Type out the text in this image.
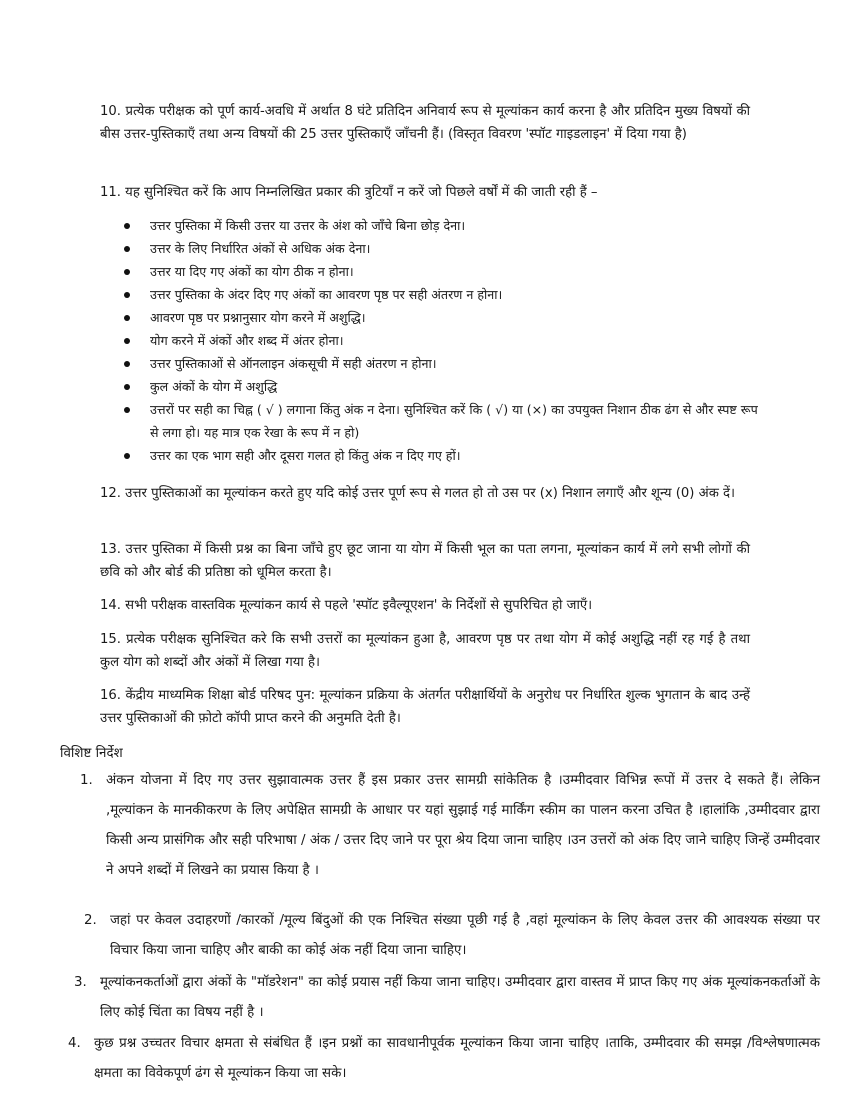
10. प्रत्येक परीक्षक को पूर्ण कार्य-अवधि में अर्थात 8 घंटे प्रतिदिन अनिवार्य रूप से मूल्यांकन कार्य करना है और प्रतिदिन मुख्य विषयों की बीस उत्तर-पुस्तिकाएँ तथा अन्य विषयों की 25 उत्तर पुस्तिकाएँ जाँचनी हैं। (विस्तृत विवरण 'स्पॉट गाइडलाइन' में दिया गया है)

11. यह सुनिश्चित करें कि आप निम्नलिखित प्रकार की त्रुटियाँ न करें जो पिछले वर्षों में की जाती रही हैं –

उत्तर पुस्तिका में किसी उत्तर या उत्तर के अंश को जाँचे बिना छोड़ देना।
उत्तर के लिए निर्धारित अंकों से अधिक अंक देना।
उत्तर या दिए गए अंकों का योग ठीक न होना।
उत्तर पुस्तिका के अंदर दिए गए अंकों का आवरण पृष्ठ पर सही अंतरण न होना।
आवरण पृष्ठ पर प्रश्नानुसार योग करने में अशुद्धि।
योग करने में अंकों और शब्द में अंतर होना।
उत्तर पुस्तिकाओं से ऑनलाइन अंकसूची में सही अंतरण न होना।
कुल अंकों के योग में अशुद्धि
उत्तरों पर सही का चिह्न ( √ ) लगाना किंतु अंक न देना। सुनिश्चित करें कि ( √) या (×) का उपयुक्त निशान ठीक ढंग से और स्पष्ट रूप से लगा हो। यह मात्र एक रेखा के रूप में न हो)
उत्तर का एक भाग सही और दूसरा गलत हो किंतु अंक न दिए गए हों।

12. उत्तर पुस्तिकाओं का मूल्यांकन करते हुए यदि कोई उत्तर पूर्ण रूप से गलत हो तो उस पर (x) निशान लगाएँ और शून्य (0) अंक दें।

13. उत्तर पुस्तिका में किसी प्रश्न का बिना जाँचे हुए छूट जाना या योग में किसी भूल का पता लगना, मूल्यांकन कार्य में लगे सभी लोगों की छवि को और बोर्ड की प्रतिष्ठा को धूमिल करता है।

14. सभी परीक्षक वास्तविक मूल्यांकन कार्य से पहले 'स्पॉट इवैल्यूएशन' के निर्देशों से सुपरिचित हो जाएँ।

15. प्रत्येक परीक्षक सुनिश्चित करे कि सभी उत्तरों का मूल्यांकन हुआ है, आवरण पृष्ठ पर तथा योग में कोई अशुद्धि नहीं रह गई है तथा कुल योग को शब्दों और अंकों में लिखा गया है।

16. केंद्रीय माध्यमिक शिक्षा बोर्ड परिषद पुन: मूल्यांकन प्रक्रिया के अंतर्गत परीक्षार्थियों के अनुरोध पर निर्धारित शुल्क भुगतान के बाद उन्हें उत्तर पुस्तिकाओं की फ़ोटो कॉपी प्राप्त करने की अनुमति देती है।

विशिष्ट निर्देश

1. अंकन योजना में दिए गए उत्तर सुझावात्मक उत्तर हैं इस प्रकार उत्तर सामग्री सांकेतिक है ।उम्मीदवार विभिन्न रूपों में उत्तर दे सकते हैं। लेकिन ,मूल्यांकन के मानकीकरण के लिए अपेक्षित सामग्री के आधार पर यहां सुझाई गई मार्किंग स्कीम का पालन करना उचित है ।हालांकि ,उम्मीदवार द्वारा किसी अन्य प्रासंगिक और सही परिभाषा / अंक / उत्तर दिए जाने पर पूरा श्रेय दिया जाना चाहिए ।उन उत्तरों को अंक दिए जाने चाहिए जिन्हें उम्मीदवार ने अपने शब्दों में लिखने का प्रयास किया है ।
2. जहां पर केवल उदाहरणों /कारकों /मूल्य बिंदुओं की एक निश्चित संख्या पूछी गई है ,वहां मूल्यांकन के लिए केवल उत्तर की आवश्यक संख्या पर विचार किया जाना चाहिए और बाकी का कोई अंक नहीं दिया जाना चाहिए।
3. मूल्यांकनकर्ताओं द्वारा अंकों के "मॉडरेशन" का कोई प्रयास नहीं किया जाना चाहिए। उम्मीदवार द्वारा वास्तव में प्राप्त किए गए अंक मूल्यांकनकर्ताओं के लिए कोई चिंता का विषय नहीं है ।
4. कुछ प्रश्न उच्चतर विचार क्षमता से संबंधित हैं ।इन प्रश्नों का सावधानीपूर्वक मूल्यांकन किया जाना चाहिए ।ताकि, उम्मीदवार की समझ /विश्लेषणात्मक क्षमता का विवेकपूर्ण ढंग से मूल्यांकन किया जा सके।
